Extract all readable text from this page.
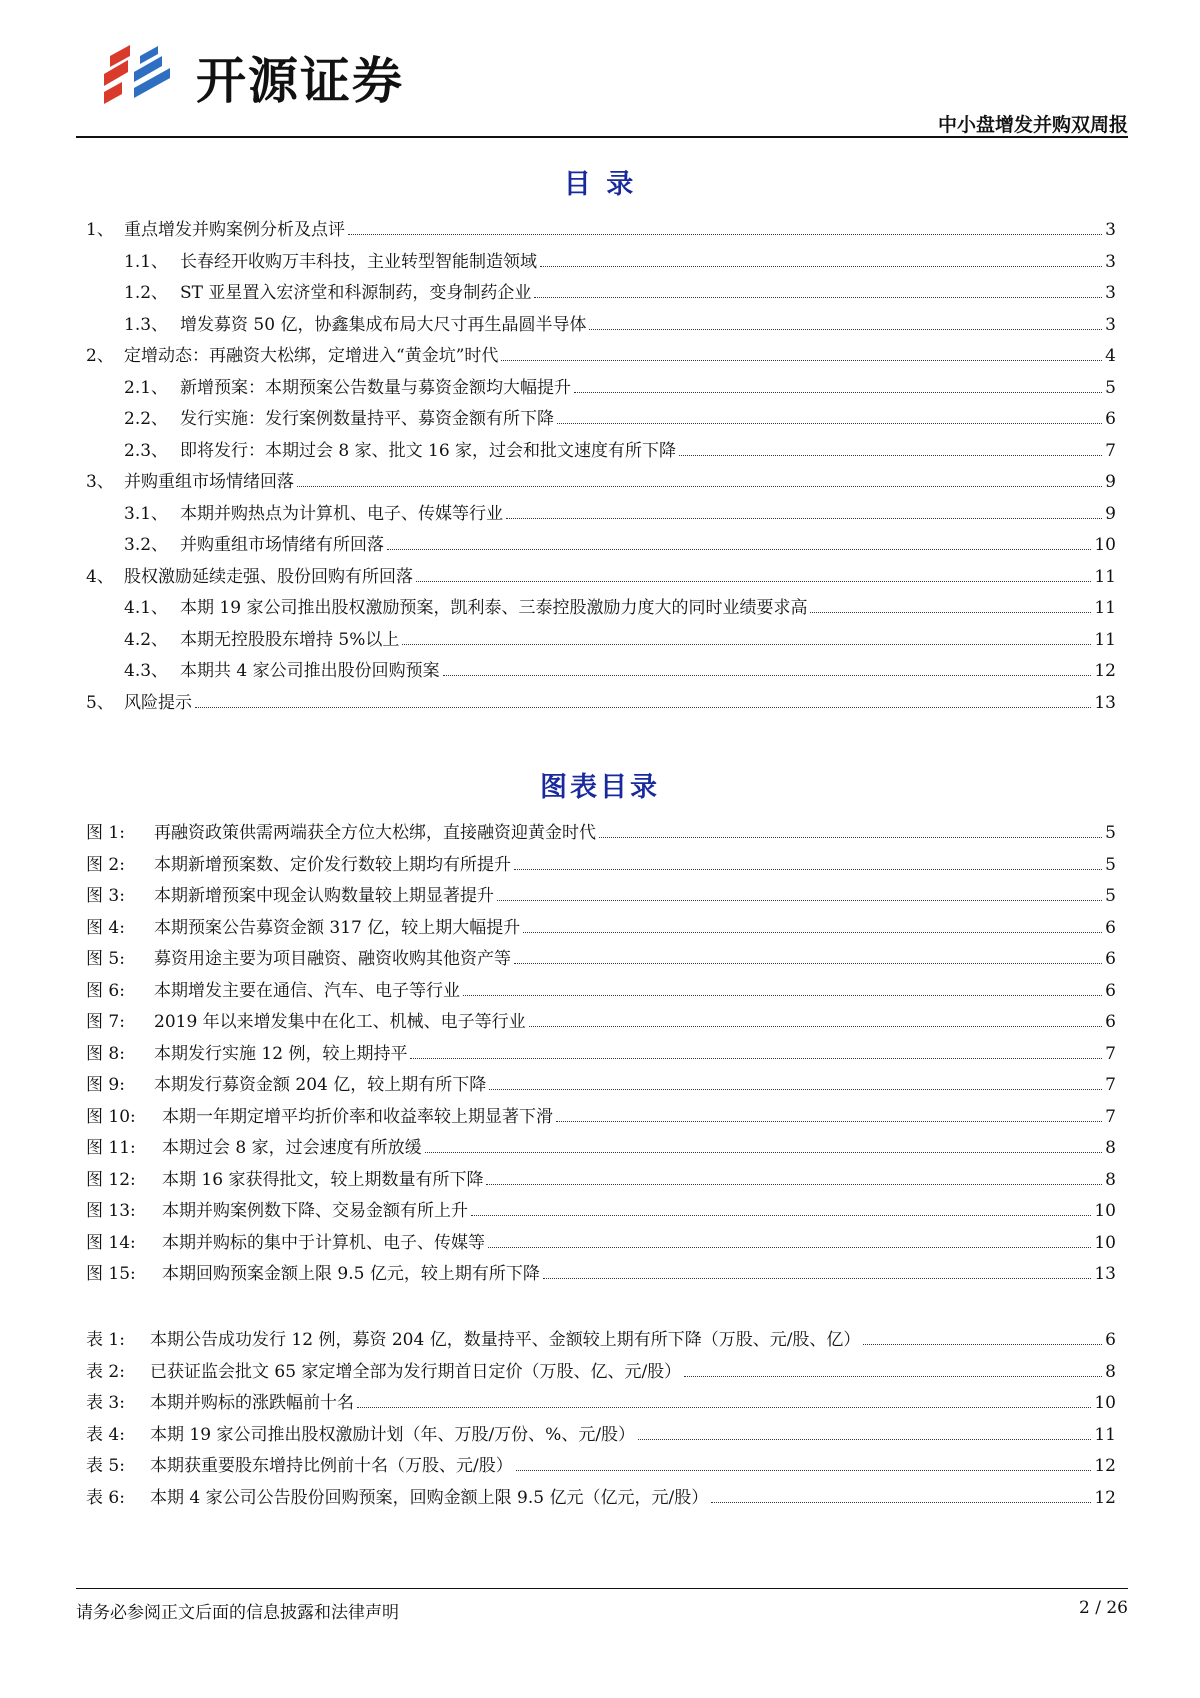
开源证券
中小盘增发并购双周报
目 录
1、 重点增发并购案例分析及点评	3
1.1、 长春经开收购万丰科技，主业转型智能制造领域	3
1.2、 ST 亚星置入宏济堂和科源制药，变身制药企业	3
1.3、 增发募资 50 亿，协鑫集成布局大尺寸再生晶圆半导体	3
2、 定增动态：再融资大松绑，定增进入“黄金坑”时代	4
2.1、 新增预案：本期预案公告数量与募资金额均大幅提升	5
2.2、 发行实施：发行案例数量持平、募资金额有所下降	6
2.3、 即将发行：本期过会 8 家、批文 16 家，过会和批文速度有所下降	7
3、 并购重组市场情绪回落	9
3.1、 本期并购热点为计算机、电子、传媒等行业	9
3.2、 并购重组市场情绪有所回落	10
4、 股权激励延续走强、股份回购有所回落	11
4.1、 本期 19 家公司推出股权激励预案，凯利泰、三泰控股激励力度大的同时业绩要求高	11
4.2、 本期无控股股东增持 5%以上	11
4.3、 本期共 4 家公司推出股份回购预案	12
5、 风险提示	13
图表目录
图 1:	再融资政策供需两端获全方位大松绑，直接融资迎黄金时代	5
图 2:	本期新增预案数、定价发行数较上期均有所提升	5
图 3:	本期新增预案中现金认购数量较上期显著提升	5
图 4:	本期预案公告募资金额 317 亿，较上期大幅提升	6
图 5:	募资用途主要为项目融资、融资收购其他资产等	6
图 6:	本期增发主要在通信、汽车、电子等行业	6
图 7:	2019 年以来增发集中在化工、机械、电子等行业	6
图 8:	本期发行实施 12 例，较上期持平	7
图 9:	本期发行募资金额 204 亿，较上期有所下降	7
图 10:	本期一年期定增平均折价率和收益率较上期显著下滑	7
图 11:	本期过会 8 家，过会速度有所放缓	8
图 12:	本期 16 家获得批文，较上期数量有所下降	8
图 13:	本期并购案例数下降、交易金额有所上升	10
图 14:	本期并购标的集中于计算机、电子、传媒等	10
图 15:	本期回购预案金额上限 9.5 亿元，较上期有所下降	13
表 1:	本期公告成功发行 12 例，募资 204 亿，数量持平、金额较上期有所下降（万股、元/股、亿）	6
表 2:	已获证监会批文 65 家定增全部为发行期首日定价（万股、亿、元/股）	8
表 3:	本期并购标的涨跌幅前十名	10
表 4:	本期 19 家公司推出股权激励计划（年、万股/万份、%、元/股）	11
表 5:	本期获重要股东增持比例前十名（万股、元/股）	12
表 6:	本期 4 家公司公告股份回购预案，回购金额上限 9.5 亿元（亿元，元/股）	12
请务必参阅正文后面的信息披露和法律声明	2 / 26
